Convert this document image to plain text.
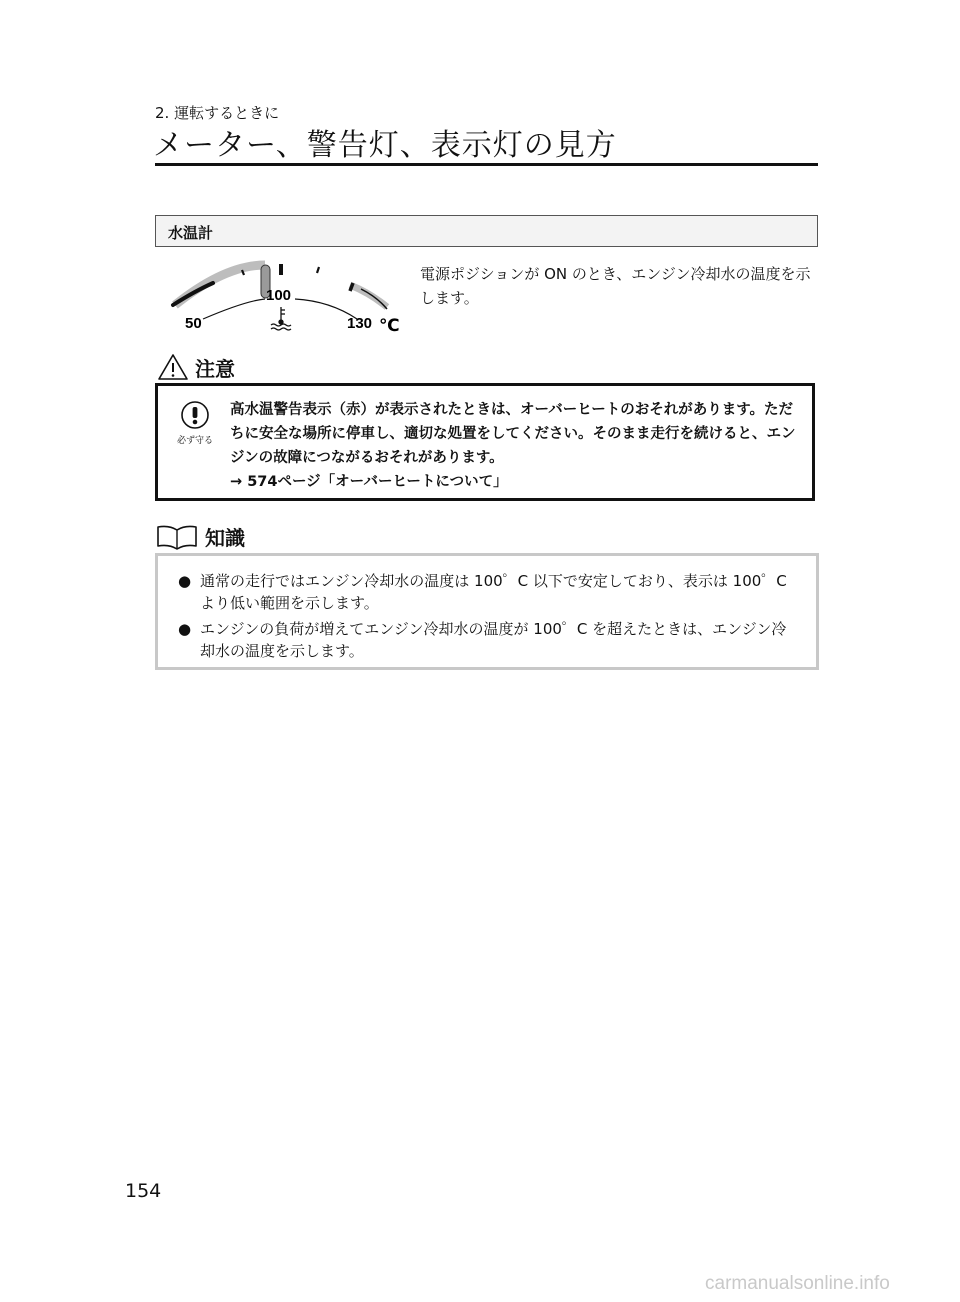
2. 運転するときに
メーター、警告灯、表示灯の見方
水温計
50
100
130 ℃
電源ポジションが ON のとき、エンジン冷却水の温度を示します。
注意
必ず守る

高水温警告表示（赤）が表示されたときは、オーバーヒートのおそれがあります。ただちに安全な場所に停車し、適切な処置をしてください。そのまま走行を続けると、エンジンの故障につながるおそれがあります。

→ 574ページ「オーバーヒートについて」

知識
● 通常の走行ではエンジン冷却水の温度は 100゜C 以下で安定しており、表示は 100゜C より低い範囲を示します。
● エンジンの負荷が増えてエンジン冷却水の温度が 100゜C を超えたときは、エンジン冷却水の温度を示します。
154
carmanualsonline.info
